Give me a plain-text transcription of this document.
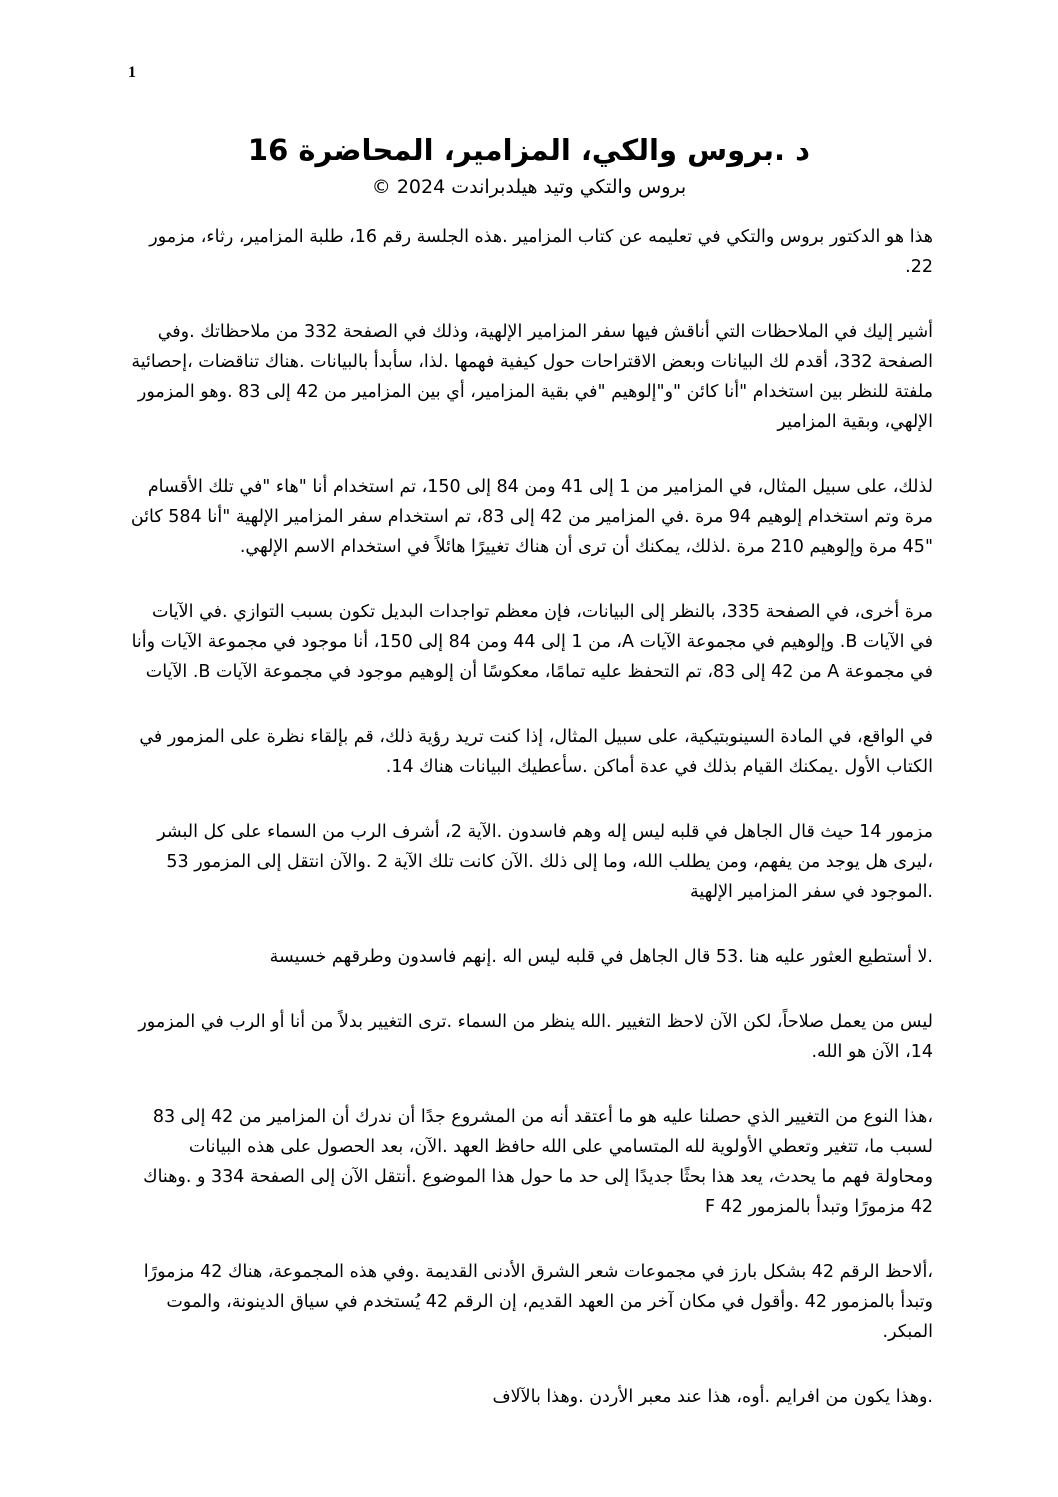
1
د .بروس والكي، المزامير، المحاضرة 16
بروس والتكي وتيد هيلدبراندت 2024 ©

هذا هو الدكتور بروس والتكي في تعليمه عن كتاب المزامير .هذه الجلسة رقم 16، طلبة المزامير، رثاء، مزمور 22.

أشير إليك في الملاحظات التي أناقش فيها سفر المزامير الإلهية، وذلك في الصفحة 332 من ملاحظاتك .وفي الصفحة 332، أقدم لك البيانات وبعض الاقتراحات حول كيفية فهمها .لذا، سأبدأ بالبيانات .هناك تناقضات ،إحصائية ملفتة للنظر بين استخدام "أنا كائن "و"إلوهيم "في بقية المزامير، أي بين المزامير من 42 إلى 83 .وهو المزمور الإلهي، وبقية المزامير

لذلك، على سبيل المثال، في المزامير من 1 إلى 41 ومن 84 إلى 150، تم استخدام أنا "هاء "في تلك الأقسام مرة وتم استخدام إلوهيم 94 مرة .في المزامير من 42 إلى 83، تم استخدام سفر المزامير الإلهية "أنا 584 كائن "45 مرة وإلوهيم 210 مرة .لذلك، يمكنك أن ترى أن هناك تغييرًا هائلاً في استخدام الاسم الإلهي.

مرة أخرى، في الصفحة 335، بالنظر إلى البيانات، فإن معظم تواجدات البديل تكون بسبب التوازي .في الآيات في الآيات B. وإلوهيم في مجموعة الآيات A، من 1 إلى 44 ومن 84 إلى 150، أنا موجود في مجموعة الآيات وأنا في مجموعة A من 42 إلى 83، تم التحفظ عليه تمامًا، معكوسًا أن إلوهيم موجود في مجموعة الآيات B. الآيات

في الواقع، في المادة السينوبتيكية، على سبيل المثال، إذا كنت تريد رؤية ذلك، قم بإلقاء نظرة على المزمور في الكتاب الأول .يمكنك القيام بذلك في عدة أماكن .سأعطيك البيانات هناك 14.

مزمور 14 حيث قال الجاهل في قلبه ليس إله وهم فاسدون .الآية 2، أشرف الرب من السماء على كل البشر ،ليرى هل يوجد من يفهم، ومن يطلب الله، وما إلى ذلك .الآن كانت تلك الآية 2 .والآن انتقل إلى المزمور 53 .الموجود في سفر المزامير الإلهية

.لا أستطيع العثور عليه هنا .53 قال الجاهل في قلبه ليس اله .إنهم فاسدون وطرقهم خسيسة

ليس من يعمل صلاحاً، لكن الآن لاحظ التغيير .الله ينظر من السماء .ترى التغيير بدلاً من أنا أو الرب في المزمور 14، الآن هو الله.

،هذا النوع من التغيير الذي حصلنا عليه هو ما أعتقد أنه من المشروع جدًا أن ندرك أن المزامير من 42 إلى 83 لسبب ما، تتغير وتعطي الأولوية لله المتسامي على الله حافظ العهد .الآن، بعد الحصول على هذه البيانات ومحاولة فهم ما يحدث، يعد هذا بحثًا جديدًا إلى حد ما حول هذا الموضوع .أنتقل الآن إلى الصفحة 334 و .وهناك 42 مزمورًا وتبدأ بالمزمور 42 F

،ألاحظ الرقم 42 بشكل بارز في مجموعات شعر الشرق الأدنى القديمة .وفي هذه المجموعة، هناك 42 مزمورًا وتبدأ بالمزمور 42 .وأقول في مكان آخر من العهد القديم، إن الرقم 42 يُستخدم في سياق الدينونة، والموت المبكر.

.وهذا يكون من افرايم .أوه، هذا عند معبر الأردن .وهذا بالآلاف
